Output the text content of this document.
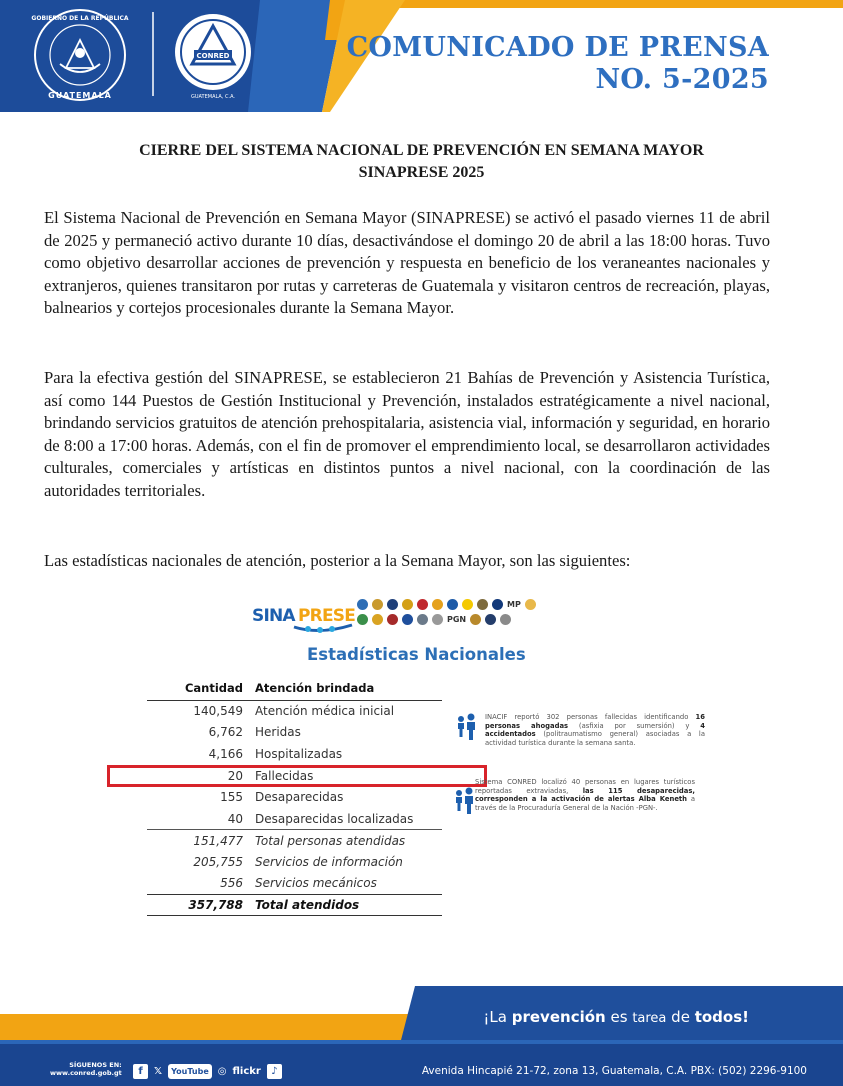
GOBIERNO DE LA REPÚBLICA
GUATEMALA
CONRED
GUATEMALA, C.A.
COMUNICADO DE PRENSA
NO. 5-2025
CIERRE DEL SISTEMA NACIONAL DE PREVENCIÓN EN SEMANA MAYOR
SINAPRESE 2025

El Sistema Nacional de Prevención en Semana Mayor (SINAPRESE) se activó el pasado viernes 11 de abril de 2025 y permaneció activo durante 10 días, desactivándose el domingo 20 de abril a las 18:00 horas. Tuvo como objetivo desarrollar acciones de prevención y respuesta en beneficio de los veraneantes nacionales y extranjeros, quienes transitaron por rutas y carreteras de Guatemala y visitaron centros de recreación, playas, balnearios y cortejos procesionales durante la Semana Mayor.

Para la efectiva gestión del SINAPRESE, se establecieron 21 Bahías de Prevención y Asistencia Turística, así como 144 Puestos de Gestión Institucional y Prevención, instalados estratégicamente a nivel nacional, brindando servicios gratuitos de atención prehospitalaria, asistencia vial, información y seguridad, en horario de 8:00 a 17:00 horas. Además, con el fin de promover el emprendimiento local, se desarrollaron actividades culturales, comerciales y artísticas en distintos puntos a nivel nacional, con la coordinación de las autoridades territoriales.

Las estadísticas nacionales de atención, posterior a la Semana Mayor, son las siguientes:

SINA PRESE
MP
PGN
Estadísticas Nacionales
Cantidad	Atención brindada
140,549	Atención médica inicial
6,762	Heridas
4,166	Hospitalizadas
20	Fallecidas
155	Desaparecidas
40	Desaparecidas localizadas
151,477	Total personas atendidas
205,755	Servicios de información
556	Servicios mecánicos
357,788	Total atendidos
INACIF reportó 302 personas fallecidas identificando 16 personas ahogadas (asfixia por sumersión) y 4 accidentados (politraumatismo general) asociadas a la actividad turística durante la semana santa.
Sistema CONRED localizó 40 personas en lugares turísticos reportadas extraviadas, las 115 desaparecidas, corresponden a la activación de alertas Alba Keneth a través de la Procuraduría General de la Nación -PGN-.
¡La prevención es tarea de todos!
SÍGUENOS EN:
www.conred.gob.gt	f	𝕏	YouTube ◎ flickr	♪	Avenida Hincapié 21-72, zona 13, Guatemala, C.A. PBX: (502) 2296-9100
